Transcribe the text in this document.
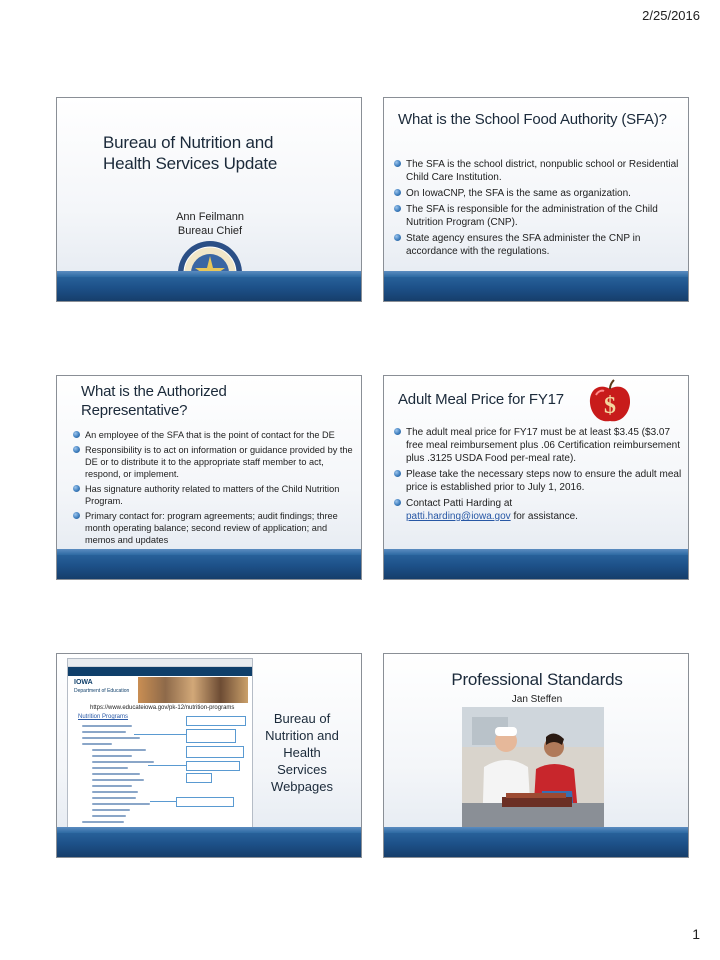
2/25/2016
Bureau of Nutrition and Health Services Update
Ann Feilmann
Bureau Chief
What is the School Food Authority (SFA)?
The SFA is the school district, nonpublic school or Residential Child Care Institution.
On IowaCNP, the SFA is the same as organization.
The SFA is responsible for the administration of the Child Nutrition Program (CNP).
State agency ensures the SFA administer the CNP in accordance with the regulations.
What is the Authorized Representative?
An employee of the SFA that is the point of contact for the DE
Responsibility is to act on information or guidance provided by the DE or to distribute it to the appropriate staff member to act, respond, or implement.
Has signature authority related to matters of the Child Nutrition Program.
Primary contact for: program agreements; audit findings; three month operating balance; second review of application; and memos and updates
Adult Meal Price for FY17	$
The adult meal price for FY17 must be at least $3.45 ($3.07 free meal reimbursement plus .06 Certification reimbursement plus .3125 USDA Food per-meal rate).
Please take the necessary steps now to ensure the adult meal price is established prior to July 1, 2016.
Contact Patti Harding at
patti.harding@iowa.gov for assistance.
IOWA
Department of Education
https://www.educateiowa.gov/pk-12/nutrition-programs
Nutrition Programs	Bureau of Nutrition and Health Services Webpages
Professional Standards
Jan Steffen
1
